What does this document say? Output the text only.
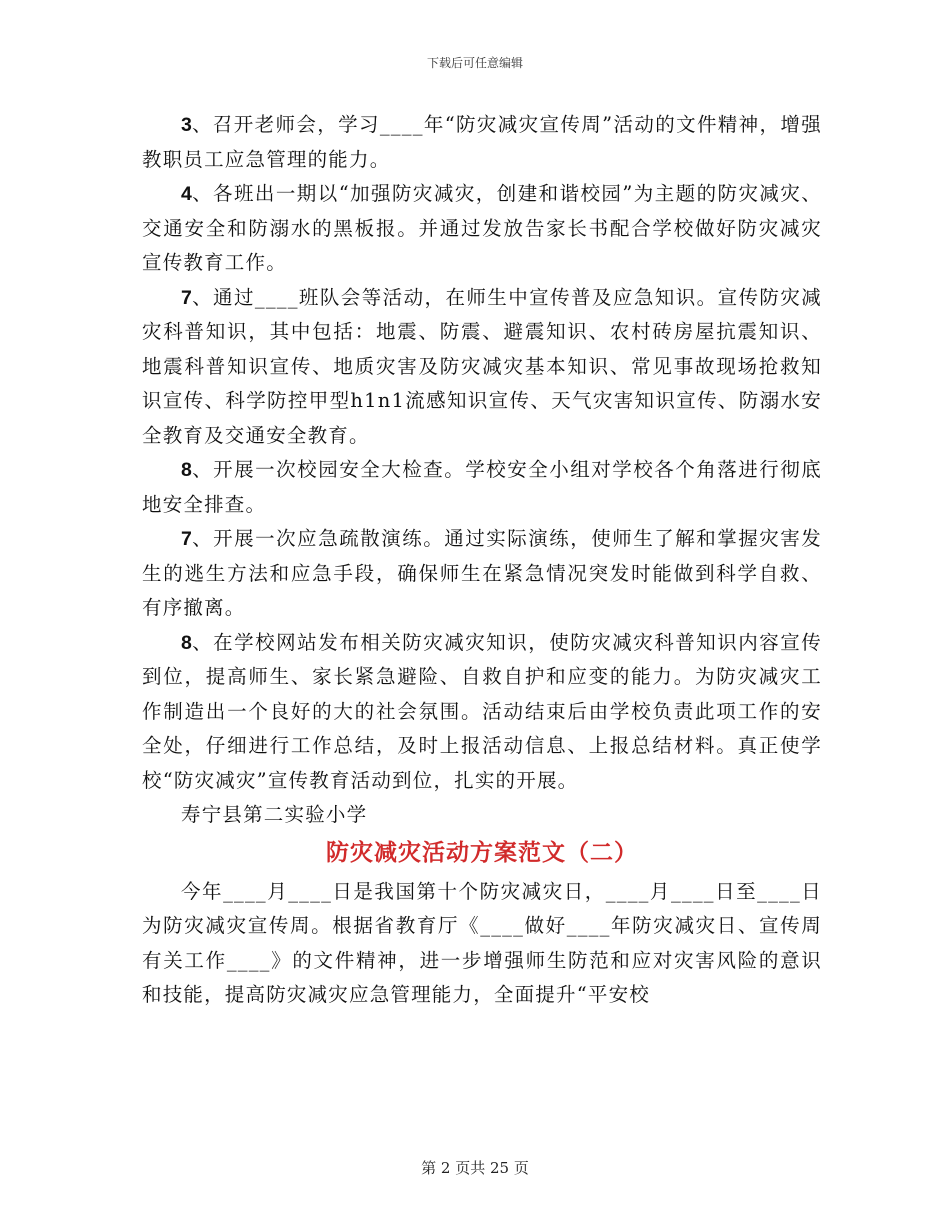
下载后可任意编辑

3、召开老师会，学习____年“防灾减灾宣传周”活动的文件精神，增强教职员工应急管理的能力。

4、各班出一期以“加强防灾减灾，创建和谐校园”为主题的防灾减灾、交通安全和防溺水的黑板报。并通过发放告家长书配合学校做好防灾减灾宣传教育工作。

7、通过____班队会等活动，在师生中宣传普及应急知识。宣传防灾减灾科普知识，其中包括：地震、防震、避震知识、农村砖房屋抗震知识、地震科普知识宣传、地质灾害及防灾减灾基本知识、常见事故现场抢救知识宣传、科学防控甲型h1n1流感知识宣传、天气灾害知识宣传、防溺水安全教育及交通安全教育。

8、开展一次校园安全大检查。学校安全小组对学校各个角落进行彻底地安全排查。

7、开展一次应急疏散演练。通过实际演练，使师生了解和掌握灾害发生的逃生方法和应急手段，确保师生在紧急情况突发时能做到科学自救、有序撤离。

8、在学校网站发布相关防灾减灾知识，使防灾减灾科普知识内容宣传到位，提高师生、家长紧急避险、自救自护和应变的能力。为防灾减灾工作制造出一个良好的大的社会氛围。活动结束后由学校负责此项工作的安全处，仔细进行工作总结，及时上报活动信息、上报总结材料。真正使学校“防灾减灾”宣传教育活动到位，扎实的开展。

寿宁县第二实验小学

防灾减灾活动方案范文（二）

今年____月____日是我国第十个防灾减灾日，____月____日至____日为防灾减灾宣传周。根据省教育厅《____做好____年防灾减灾日、宣传周有关工作____》的文件精神，进一步增强师生防范和应对灾害风险的意识和技能，提高防灾减灾应急管理能力，全面提升“平安校

第 2 页共 25 页
